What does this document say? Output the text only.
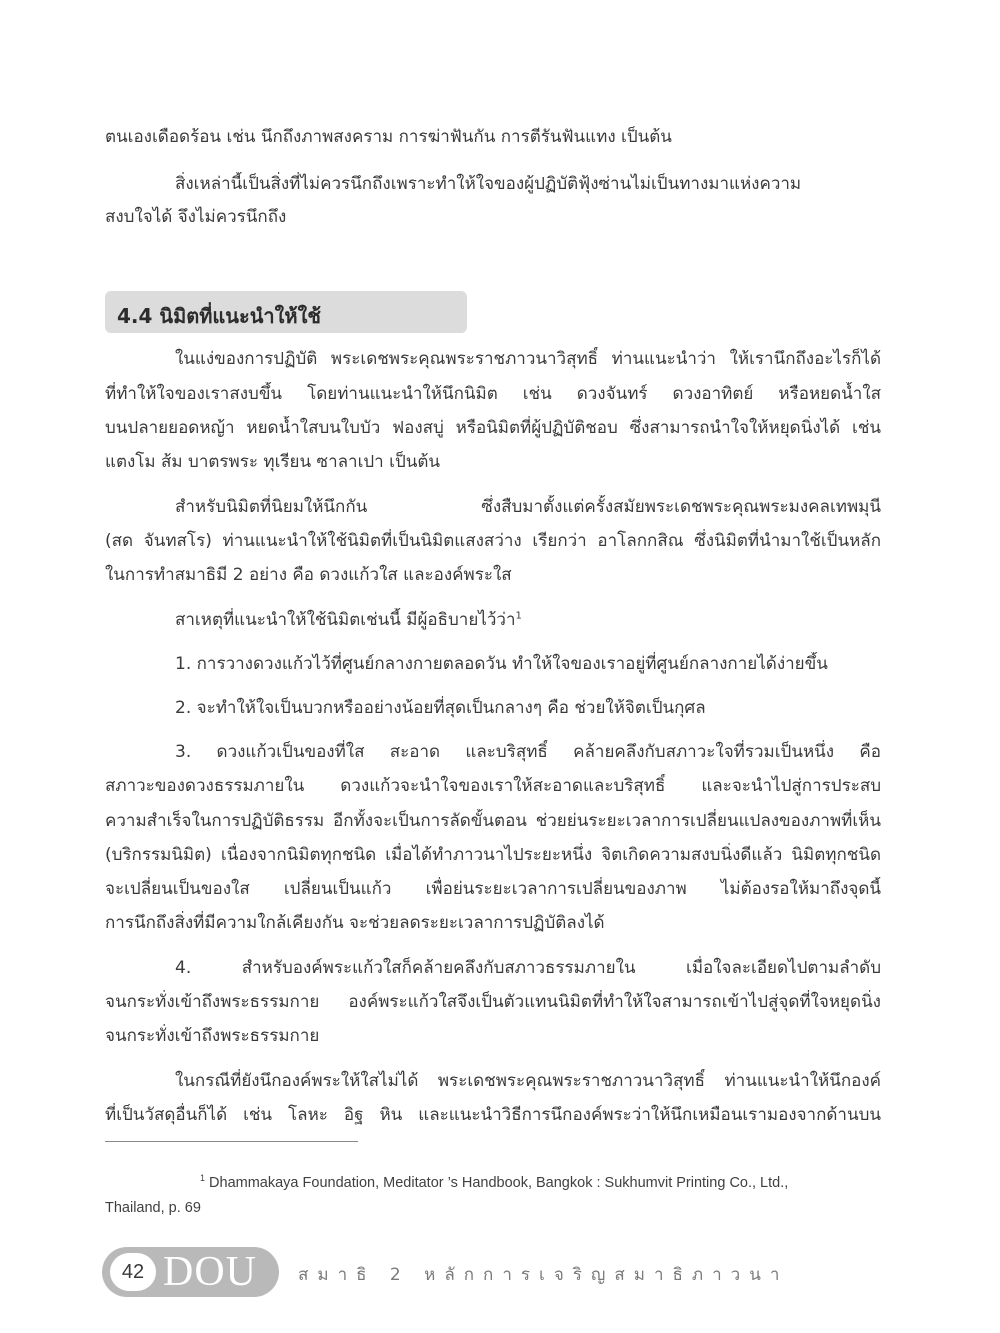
ตนเองเดือดร้อน เช่น นึกถึงภาพสงคราม การฆ่าฟันกัน การตีรันฟันแทง เป็นต้น
สิ่งเหล่านี้เป็นสิ่งที่ไม่ควรนึกถึงเพราะทำให้ใจของผู้ปฏิบัติฟุ้งซ่านไม่เป็นทางมาแห่งความ
สงบใจได้ จึงไม่ควรนึกถึง
4.4 นิมิตที่แนะนำให้ใช้
ในแง่ของการปฏิบัติ พระเดชพระคุณพระราชภาวนาวิสุทธิ์ ท่านแนะนำว่า ให้เรานึกถึงอะไรก็ได้
ที่ทำให้ใจของเราสงบขึ้น โดยท่านแนะนำให้นึกนิมิต เช่น ดวงจันทร์ ดวงอาทิตย์ หรือหยดน้ำใส
บนปลายยอดหญ้า หยดน้ำใสบนใบบัว ฟองสบู่ หรือนิมิตที่ผู้ปฏิบัติชอบ ซึ่งสามารถนำใจให้หยุดนิ่งได้ เช่น
แตงโม ส้ม บาตรพระ ทุเรียน ซาลาเปา เป็นต้น
สำหรับนิมิตที่นิยมให้นึกกัน ซึ่งสืบมาตั้งแต่ครั้งสมัยพระเดชพระคุณพระมงคลเทพมุนี
(สด จันทสโร) ท่านแนะนำให้ใช้นิมิตที่เป็นนิมิตแสงสว่าง เรียกว่า อาโลกกสิณ ซึ่งนิมิตที่นำมาใช้เป็นหลัก
ในการทำสมาธิมี 2 อย่าง คือ ดวงแก้วใส และองค์พระใส
สาเหตุที่แนะนำให้ใช้นิมิตเช่นนี้ มีผู้อธิบายไว้ว่า$^1$
1. การวางดวงแก้วไว้ที่ศูนย์กลางกายตลอดวัน ทำให้ใจของเราอยู่ที่ศูนย์กลางกายได้ง่ายขึ้น
2. จะทำให้ใจเป็นบวกหรืออย่างน้อยที่สุดเป็นกลางๆ คือ ช่วยให้จิตเป็นกุศล
3. ดวงแก้วเป็นของที่ใส สะอาด และบริสุทธิ์ คล้ายคลึงกับสภาวะใจที่รวมเป็นหนึ่ง คือ
สภาวะของดวงธรรมภายใน ดวงแก้วจะนำใจของเราให้สะอาดและบริสุทธิ์ และจะนำไปสู่การประสบ
ความสำเร็จในการปฏิบัติธรรม อีกทั้งจะเป็นการลัดขั้นตอน ช่วยย่นระยะเวลาการเปลี่ยนแปลงของภาพที่เห็น
(บริกรรมนิมิต) เนื่องจากนิมิตทุกชนิด เมื่อได้ทำภาวนาไประยะหนึ่ง จิตเกิดความสงบนิ่งดีแล้ว นิมิตทุกชนิด
จะเปลี่ยนเป็นของใส เปลี่ยนเป็นแก้ว เพื่อย่นระยะเวลาการเปลี่ยนของภาพ ไม่ต้องรอให้มาถึงจุดนี้
การนึกถึงสิ่งที่มีความใกล้เคียงกัน จะช่วยลดระยะเวลาการปฏิบัติลงได้
4. สำหรับองค์พระแก้วใสก็คล้ายคลึงกับสภาวธรรมภายใน เมื่อใจละเอียดไปตามลำดับ
จนกระทั่งเข้าถึงพระธรรมกาย องค์พระแก้วใสจึงเป็นตัวแทนนิมิตที่ทำให้ใจสามารถเข้าไปสู่จุดที่ใจหยุดนิ่ง
จนกระทั่งเข้าถึงพระธรรมกาย
ในกรณีที่ยังนึกองค์พระให้ใสไม่ได้ พระเดชพระคุณพระราชภาวนาวิสุทธิ์ ท่านแนะนำให้นึกองค์
ที่เป็นวัสดุอื่นก็ได้ เช่น โลหะ อิฐ หิน และแนะนำวิธีการนึกองค์พระว่าให้นึกเหมือนเรามองจากด้านบน
$^1$ Dhammakaya Foundation, Meditator ’s Handbook, Bangkok : Sukhumvit Printing Co., Ltd.,
Thailand, p. 69
42 DOU สมาธิ 2 หลักการเจริญสมาธิภาวนา
